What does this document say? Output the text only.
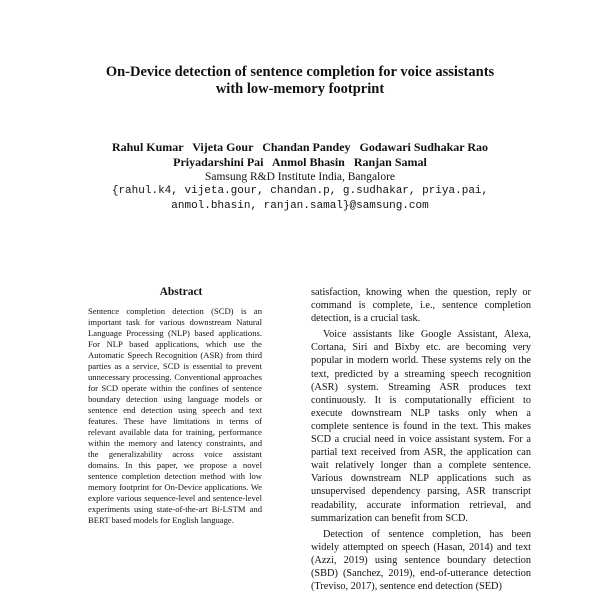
On-Device detection of sentence completion for voice assistants
with low-memory footprint
Rahul Kumar   Vijeta Gour   Chandan Pandey   Godawari Sudhakar Rao
Priyadarshini Pai   Anmol Bhasin   Ranjan Samal
Samsung R&D Institute India, Bangalore
{rahul.k4, vijeta.gour, chandan.p, g.sudhakar, priya.pai,
anmol.bhasin, ranjan.samal}@samsung.com
Abstract
Sentence completion detection (SCD) is an important task for various downstream Natural Language Processing (NLP) based applications. For NLP based applications, which use the Automatic Speech Recognition (ASR) from third parties as a service, SCD is essential to prevent unnecessary processing. Conventional approaches for SCD operate within the confines of sentence boundary detection using language models or sentence end detection using speech and text features. These have limitations in terms of relevant available data for training, performance within the memory and latency constraints, and the generalizability across voice assistant domains. In this paper, we propose a novel sentence completion detection method with low memory footprint for On-Device applications. We explore various sequence-level and sentence-level experiments using state-of-the-art Bi-LSTM and BERT based models for English language.

satisfaction, knowing when the question, reply or command is complete, i.e., sentence completion detection, is a crucial task.

Voice assistants like Google Assistant, Alexa, Cortana, Siri and Bixby etc. are becoming very popular in modern world. These systems rely on the text, predicted by a streaming speech recognition (ASR) system. Streaming ASR produces text continuously. It is computationally efficient to execute downstream NLP tasks only when a complete sentence is found in the text. This makes SCD a crucial need in voice assistant system. For a partial text received from ASR, the application can wait relatively longer than a complete sentence. Various downstream NLP applications such as unsupervised dependency parsing, ASR transcript readability, accurate information retrieval, and summarization can benefit from SCD.

Detection of sentence completion, has been widely attempted on speech (Hasan, 2014) and text (Azzi, 2019) using sentence boundary detection (SBD) (Sanchez, 2019), end-of-utterance detection (Treviso, 2017), sentence end detection (SED)
